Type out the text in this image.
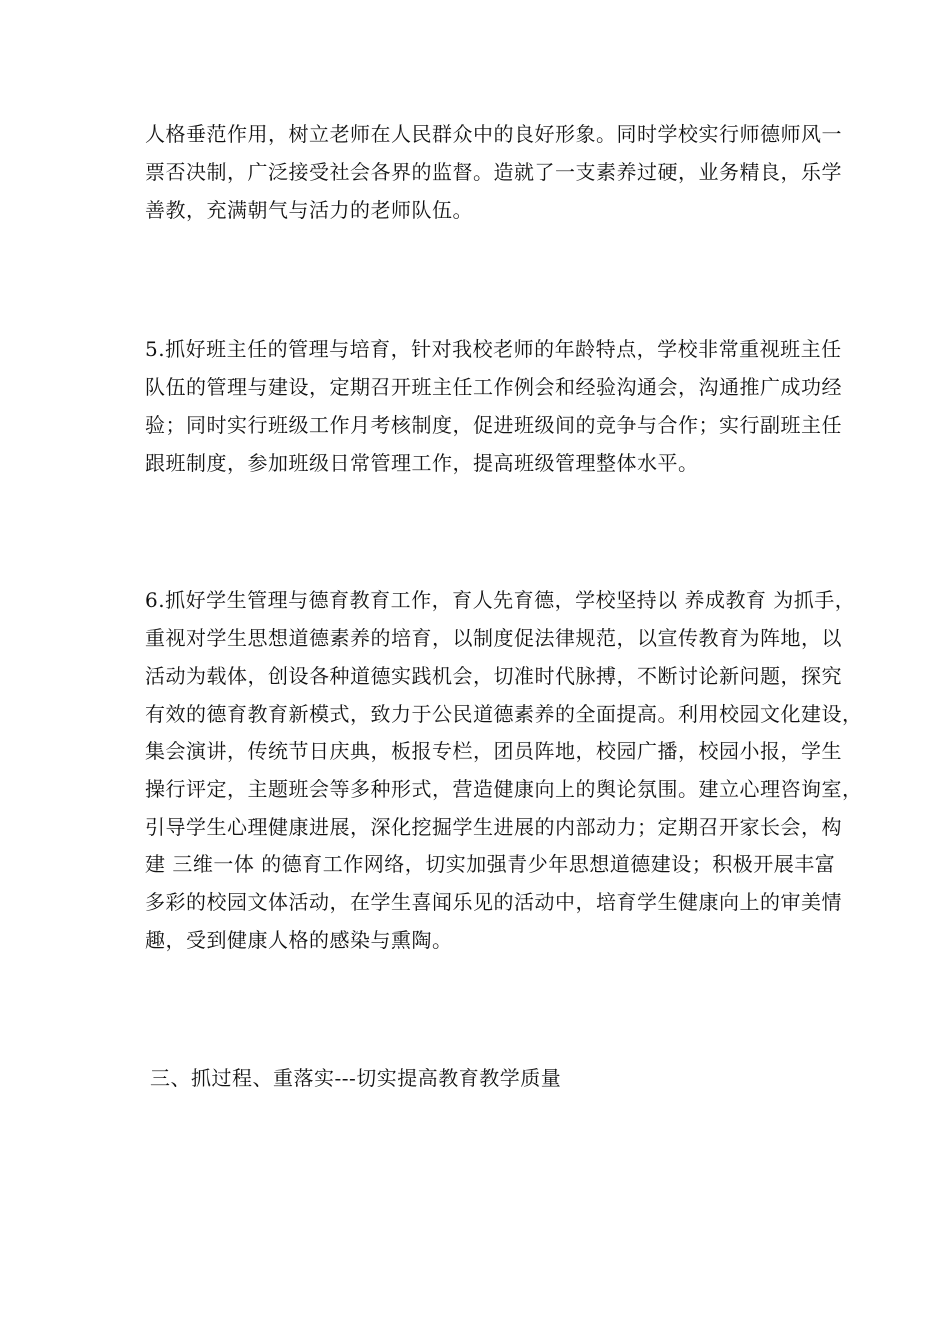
人格垂范作用，树立老师在人民群众中的良好形象。同时学校实行师德师风一
票否决制，广泛接受社会各界的监督。造就了一支素养过硬，业务精良，乐学
善教，充满朝气与活力的老师队伍。
5.抓好班主任的管理与培育，针对我校老师的年龄特点，学校非常重视班主任
队伍的管理与建设，定期召开班主任工作例会和经验沟通会，沟通推广成功经
验；同时实行班级工作月考核制度，促进班级间的竞争与合作；实行副班主任
跟班制度，参加班级日常管理工作，提高班级管理整体水平。
6.抓好学生管理与德育教育工作，育人先育德，学校坚持以 养成教育 为抓手，
重视对学生思想道德素养的培育，以制度促法律规范，以宣传教育为阵地，以
活动为载体，创设各种道德实践机会，切准时代脉搏，不断讨论新问题，探究
有效的德育教育新模式，致力于公民道德素养的全面提高。利用校园文化建设，
集会演讲，传统节日庆典，板报专栏，团员阵地，校园广播，校园小报，学生
操行评定，主题班会等多种形式，营造健康向上的舆论氛围。建立心理咨询室，
引导学生心理健康进展，深化挖掘学生进展的内部动力；定期召开家长会，构
建 三维一体 的德育工作网络，切实加强青少年思想道德建设；积极开展丰富
多彩的校园文体活动，在学生喜闻乐见的活动中，培育学生健康向上的审美情
趣，受到健康人格的感染与熏陶。
三、抓过程、重落实---切实提高教育教学质量
